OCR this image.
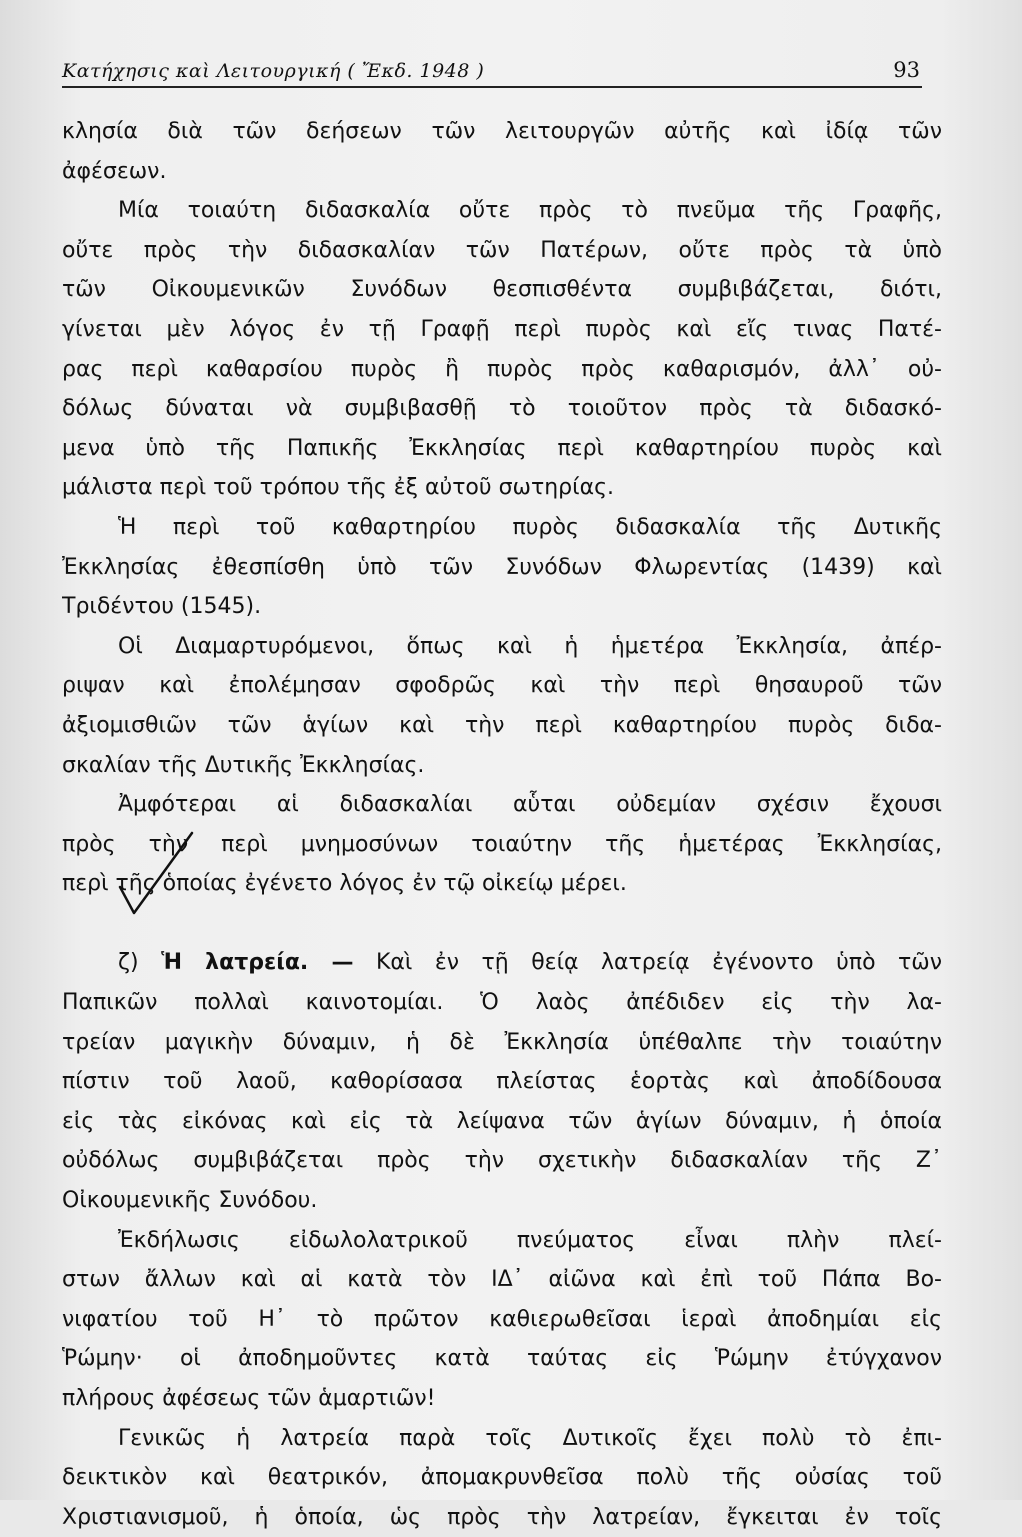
Κατήχησις καὶ Λειτουργική ( Ἔκδ. 1948 )	93
κλησία διὰ τῶν δεήσεων τῶν λειτουργῶν αὐτῆς καὶ ἰδίᾳ τῶν
ἀφέσεων.
Μία τοιαύτη διδασκαλία οὔτε πρὸς τὸ πνεῦμα τῆς Γραφῆς,
οὔτε πρὸς τὴν διδασκαλίαν τῶν Πατέρων, οὔτε πρὸς τὰ ὑπὸ
τῶν Οἰκουμενικῶν Συνόδων θεσπισθέντα συμβιβάζεται, διότι,
γίνεται μὲν λόγος ἐν τῇ Γραφῇ περὶ πυρὸς καὶ εἴς τινας Πατέ-
ρας περὶ καθαρσίου πυρὸς ἢ πυρὸς πρὸς καθαρισμόν, ἀλλ᾽ οὐ-
δόλως δύναται νὰ συμβιβασθῇ τὸ τοιοῦτον πρὸς τὰ διδασκό-
μενα ὑπὸ τῆς Παπικῆς Ἐκκλησίας περὶ καθαρτηρίου πυρὸς καὶ
μάλιστα περὶ τοῦ τρόπου τῆς ἐξ αὐτοῦ σωτηρίας.
Ἡ περὶ τοῦ καθαρτηρίου πυρὸς διδασκαλία τῆς Δυτικῆς
Ἐκκλησίας ἐθεσπίσθη ὑπὸ τῶν Συνόδων Φλωρεντίας (1439) καὶ
Τριδέντου (1545).
Οἱ Διαμαρτυρόμενοι, ὅπως καὶ ἡ ἡμετέρα Ἐκκλησία, ἀπέρ-
ριψαν καὶ ἐπολέμησαν σφοδρῶς καὶ τὴν περὶ θησαυροῦ τῶν
ἀξιομισθιῶν τῶν ἁγίων καὶ τὴν περὶ καθαρτηρίου πυρὸς διδα-
σκαλίαν τῆς Δυτικῆς Ἐκκλησίας.
Ἀμφότεραι αἱ διδασκαλίαι αὗται οὐδεμίαν σχέσιν ἔχουσι
πρὸς τὴν περὶ μνημοσύνων τοιαύτην τῆς ἡμετέρας Ἐκκλησίας,
περὶ τῆς ὁποίας ἐγένετο λόγος ἐν τῷ οἰκείῳ μέρει.
ζ) Ἡ λατρεία. — Καὶ ἐν τῇ θείᾳ λατρείᾳ ἐγένοντο ὑπὸ τῶν
Παπικῶν πολλαὶ καινοτομίαι. Ὁ λαὸς ἀπέδιδεν εἰς τὴν λα-
τρείαν μαγικὴν δύναμιν, ἡ δὲ Ἐκκλησία ὑπέθαλπε τὴν τοιαύτην
πίστιν τοῦ λαοῦ, καθορίσασα πλείστας ἑορτὰς καὶ ἀποδίδουσα
εἰς τὰς εἰκόνας καὶ εἰς τὰ λείψανα τῶν ἁγίων δύναμιν, ἡ ὁποία
οὐδόλως συμβιβάζεται πρὸς τὴν σχετικὴν διδασκαλίαν τῆς Ζ᾽
Οἰκουμενικῆς Συνόδου.
Ἐκδήλωσις εἰδωλολατρικοῦ πνεύματος εἶναι πλὴν πλεί-
στων ἄλλων καὶ αἱ κατὰ τὸν ΙΔ᾽ αἰῶνα καὶ ἐπὶ τοῦ Πάπα Βο-
νιφατίου τοῦ Η᾽ τὸ πρῶτον καθιερωθεῖσαι ἱεραὶ ἀποδημίαι εἰς
Ῥώμην· οἱ ἀποδημοῦντες κατὰ ταύτας εἰς Ῥώμην ἐτύγχανον
πλήρους ἀφέσεως τῶν ἁμαρτιῶν!
Γενικῶς ἡ λατρεία παρὰ τοῖς Δυτικοῖς ἔχει πολὺ τὸ ἐπι-
δεικτικὸν καὶ θεατρικόν, ἀπομακρυνθεῖσα πολὺ τῆς οὐσίας τοῦ
Χριστιανισμοῦ, ἡ ὁποία, ὡς πρὸς τὴν λατρείαν, ἔγκειται ἐν τοῖς
